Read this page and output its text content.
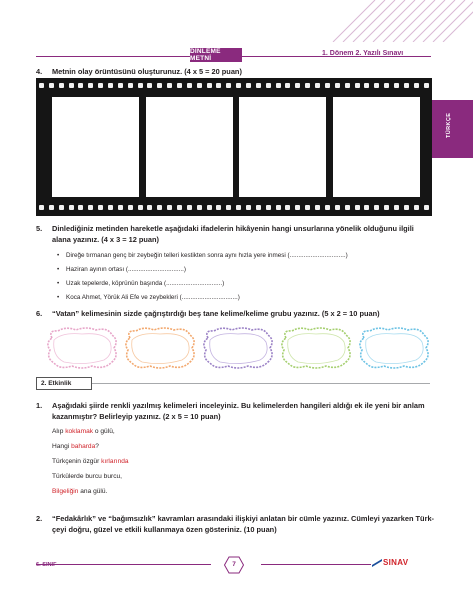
DİNLEME METNİ
1. Dönem 2. Yazılı Sınavı
TÜRKÇE
4. Metnin olay örüntüsünü oluşturunuz. (4 x 5 = 20 puan)
5. Dinlediğiniz metinden hareketle aşağıdaki ifadelerin hikâyenin hangi unsurlarına yönelik olduğunu ilgili
alana yazınız. (4 x 3 = 12 puan)
• Direğe tırmanan genç bir zeybeğin telleri kestikten sonra aynı hızla yere inmesi (................................)
• Haziran ayının ortası (................................)
• Uzak tepelerde, köprünün başında (................................)
• Koca Ahmet, Yörük Ali Efe ve zeybekleri (................................)
6. “Vatan” kelimesinin sizde çağrıştırdığı beş tane kelime/kelime grubu yazınız. (5 x 2 = 10 puan)
2. Etkinlik
1. Aşağıdaki şiirde renkli yazılmış kelimeleri inceleyiniz. Bu kelimelerden hangileri aldığı ek ile yeni bir anlam
kazanmıştır? Belirleyip yazınız. (2 x 5 = 10 puan)
Alıp koklamak o gülü,
Hangi baharda?
Türkçenin özgür kırlarında
Türkülerde burcu burcu,
Bilgeliğin ana gülü.
2. “Fedakârlık” ve “bağımsızlık” kavramları arasındaki ilişkiyi anlatan bir cümle yazınız. Cümleyi yazarken Türk-
çeyi doğru, güzel ve etkili kullanmaya özen gösteriniz. (10 puan)
6. SINIF	7	SINAV
